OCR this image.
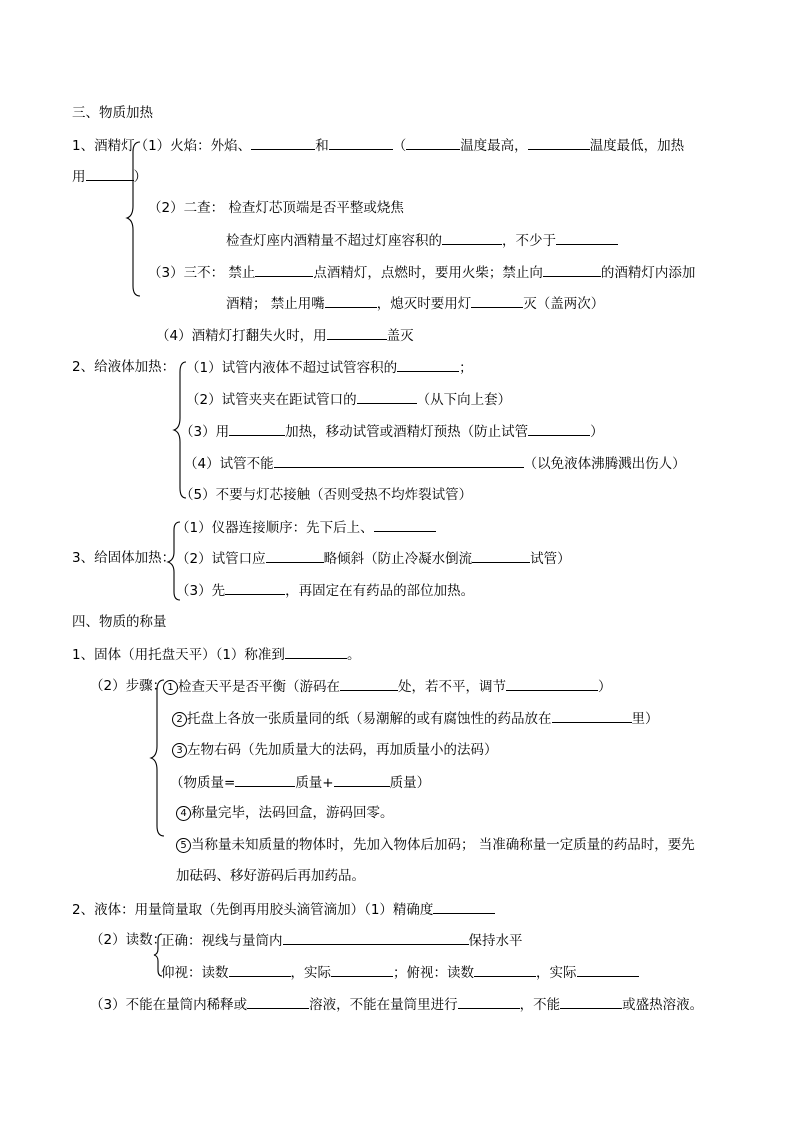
三、物质加热
1、酒精灯（1）火焰：外焰、	和	（	温度最高，	温度最低，加热
用	）
（2）二查： 检查灯芯顶端是否平整或烧焦
检查灯座内酒精量不超过灯座容积的	，不少于
（3）三不： 禁止	点酒精灯，点燃时，要用火柴；禁止向	的酒精灯内添加
酒精； 禁止用嘴	，熄灭时要用灯	灭（盖两次）
（4）酒精灯打翻失火时，用	盖灭
2、给液体加热： （1）试管内液体不超过试管容积的	；
（2）试管夹夹在距试管口的	（从下向上套）
（3）用	加热，移动试管或酒精灯预热（防止试管	）
（4）试管不能	（以免液体沸腾溅出伤人）
（5）不要与灯芯接触（否则受热不均炸裂试管）
3、给固体加热：
（1）仪器连接顺序：先下后上、
（2）试管口应	略倾斜（防止冷凝水倒流	试管）
（3）先	，再固定在有药品的部位加热。
四、物质的称量
1、固体（用托盘天平）（1）称准到	。
（2）步骤： 1 检查天平是否平衡（游码在	处，若不平，调节	）
2 托盘上各放一张质量同的纸（易潮解的或有腐蚀性的药品放在	里）
3 左物右码（先加质量大的法码，再加质量小的法码）
（物质量=	质量+	质量）
4 称量完毕，法码回盒，游码回零。
5 当称量未知质量的物体时，先加入物体后加码； 当准确称量一定质量的药品时，要先
加砝码、移好游码后再加药品。
2、液体：用量筒量取（先倒再用胶头滴管滴加）（1）精确度
（2）读数：
正确：视线与量筒内	保持水平
仰视：读数	，实际	；俯视：读数	，实际
（3）不能在量筒内稀释或	溶液，不能在量筒里进行	，不能	或盛热溶液。
